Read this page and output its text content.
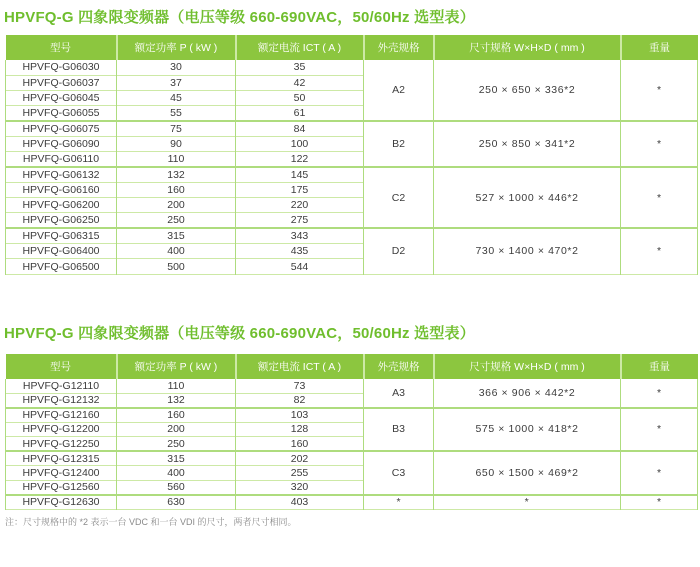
HPVFQ-G 四象限变频器（电压等级 660-690VAC，50/60Hz 选型表）
型号	额定功率 P ( kW )	额定电流 ICT ( A )	外壳规格	尺寸规格 W×H×D ( mm )	重量
HPVFQ-G06030	30	35	A2	250 × 650 × 336*2	*
HPVFQ-G06037	37	42			
HPVFQ-G06045	45	50			
HPVFQ-G06055	55	61			
HPVFQ-G06075	75	84	B2	250 × 850 × 341*2	*
HPVFQ-G06090	90	100			
HPVFQ-G06110	110	122			
HPVFQ-G06132	132	145	C2	527 × 1000 × 446*2	*
HPVFQ-G06160	160	175			
HPVFQ-G06200	200	220			
HPVFQ-G06250	250	275			
HPVFQ-G06315	315	343	D2	730 × 1400 × 470*2	*
HPVFQ-G06400	400	435			
HPVFQ-G06500	500	544			
HPVFQ-G 四象限变频器（电压等级 660-690VAC，50/60Hz 选型表）
型号	额定功率 P ( kW )	额定电流 ICT ( A )	外壳规格	尺寸规格 W×H×D ( mm )	重量
HPVFQ-G12110	110	73	A3	366 × 906 × 442*2	*
HPVFQ-G12132	132	82			
HPVFQ-G12160	160	103	B3	575 × 1000 × 418*2	*
HPVFQ-G12200	200	128			
HPVFQ-G12250	250	160			
HPVFQ-G12315	315	202	C3	650 × 1500 × 469*2	*
HPVFQ-G12400	400	255			
HPVFQ-G12560	560	320			
HPVFQ-G12630	630	403	*	*	*
注：尺寸规格中的 *2 表示一台 VDC 和一台 VDI 的尺寸，两者尺寸相同。
